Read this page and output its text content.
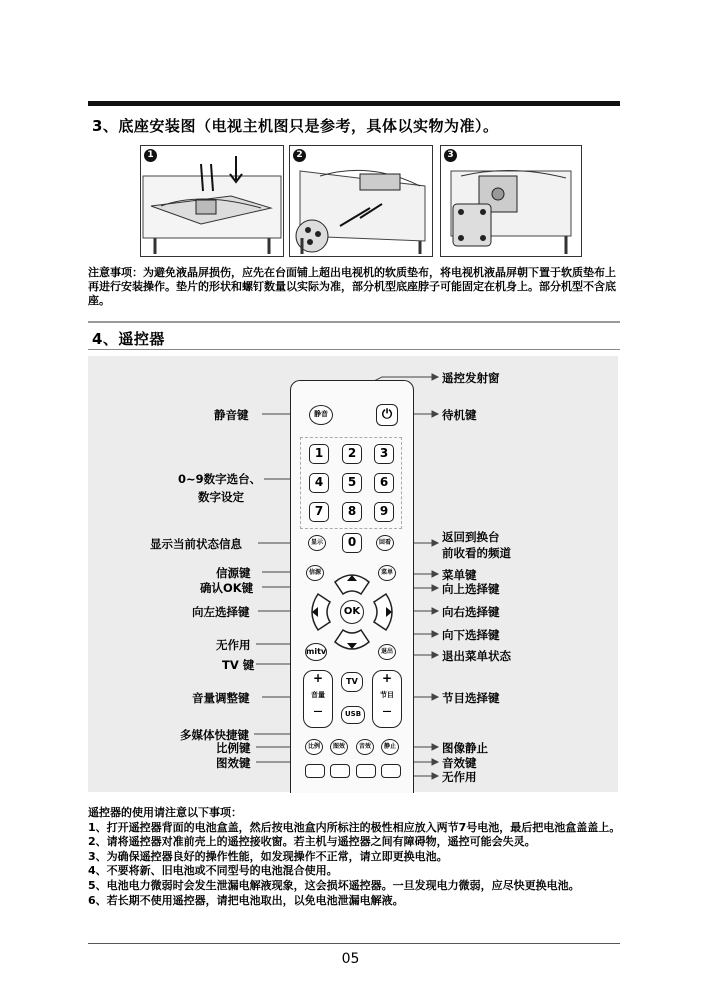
3、底座安装图（电视主机图只是参考，具体以实物为准）。
1	2	3
注意事项：为避免液晶屏损伤，应先在台面铺上超出电视机的软质垫布，将电视机液晶屏朝下置于软质垫布上再进行安装操作。垫片的形状和螺钉数量以实际为准，部分机型底座脖子可能固定在机身上。部分机型不含底座。
4、遥控器
静音	⏻
1	2	3
4	5	6
7	8	9
显示	0	回看
信源	菜单
OK
mitv	退出
TV
+
音量
—	USB
+
节目
—
比例	图效	音效	静止
静音键
0~9数字选台、
数字设定
显示当前状态信息
信源键
确认OK键
向左选择键
无作用
TV 键
音量调整键
多媒体快捷键
比例键
图效键
遥控发射窗
待机键
返回到换台
前收看的频道
菜单键
向上选择键
向右选择键
向下选择键
退出菜单状态
节目选择键
图像静止
音效键
无作用
遥控器的使用请注意以下事项：
1、打开遥控器背面的电池盒盖，然后按电池盒内所标注的极性相应放入两节7号电池，最后把电池盒盖盖上。
2、请将遥控器对准前壳上的遥控接收窗。若主机与遥控器之间有障碍物，遥控可能会失灵。
3、为确保遥控器良好的操作性能，如发现操作不正常，请立即更换电池。
4、不要将新、旧电池或不同型号的电池混合使用。
5、电池电力微弱时会发生泄漏电解液现象，这会损坏遥控器。一旦发现电力微弱，应尽快更换电池。
6、若长期不使用遥控器，请把电池取出，以免电池泄漏电解液。
05
